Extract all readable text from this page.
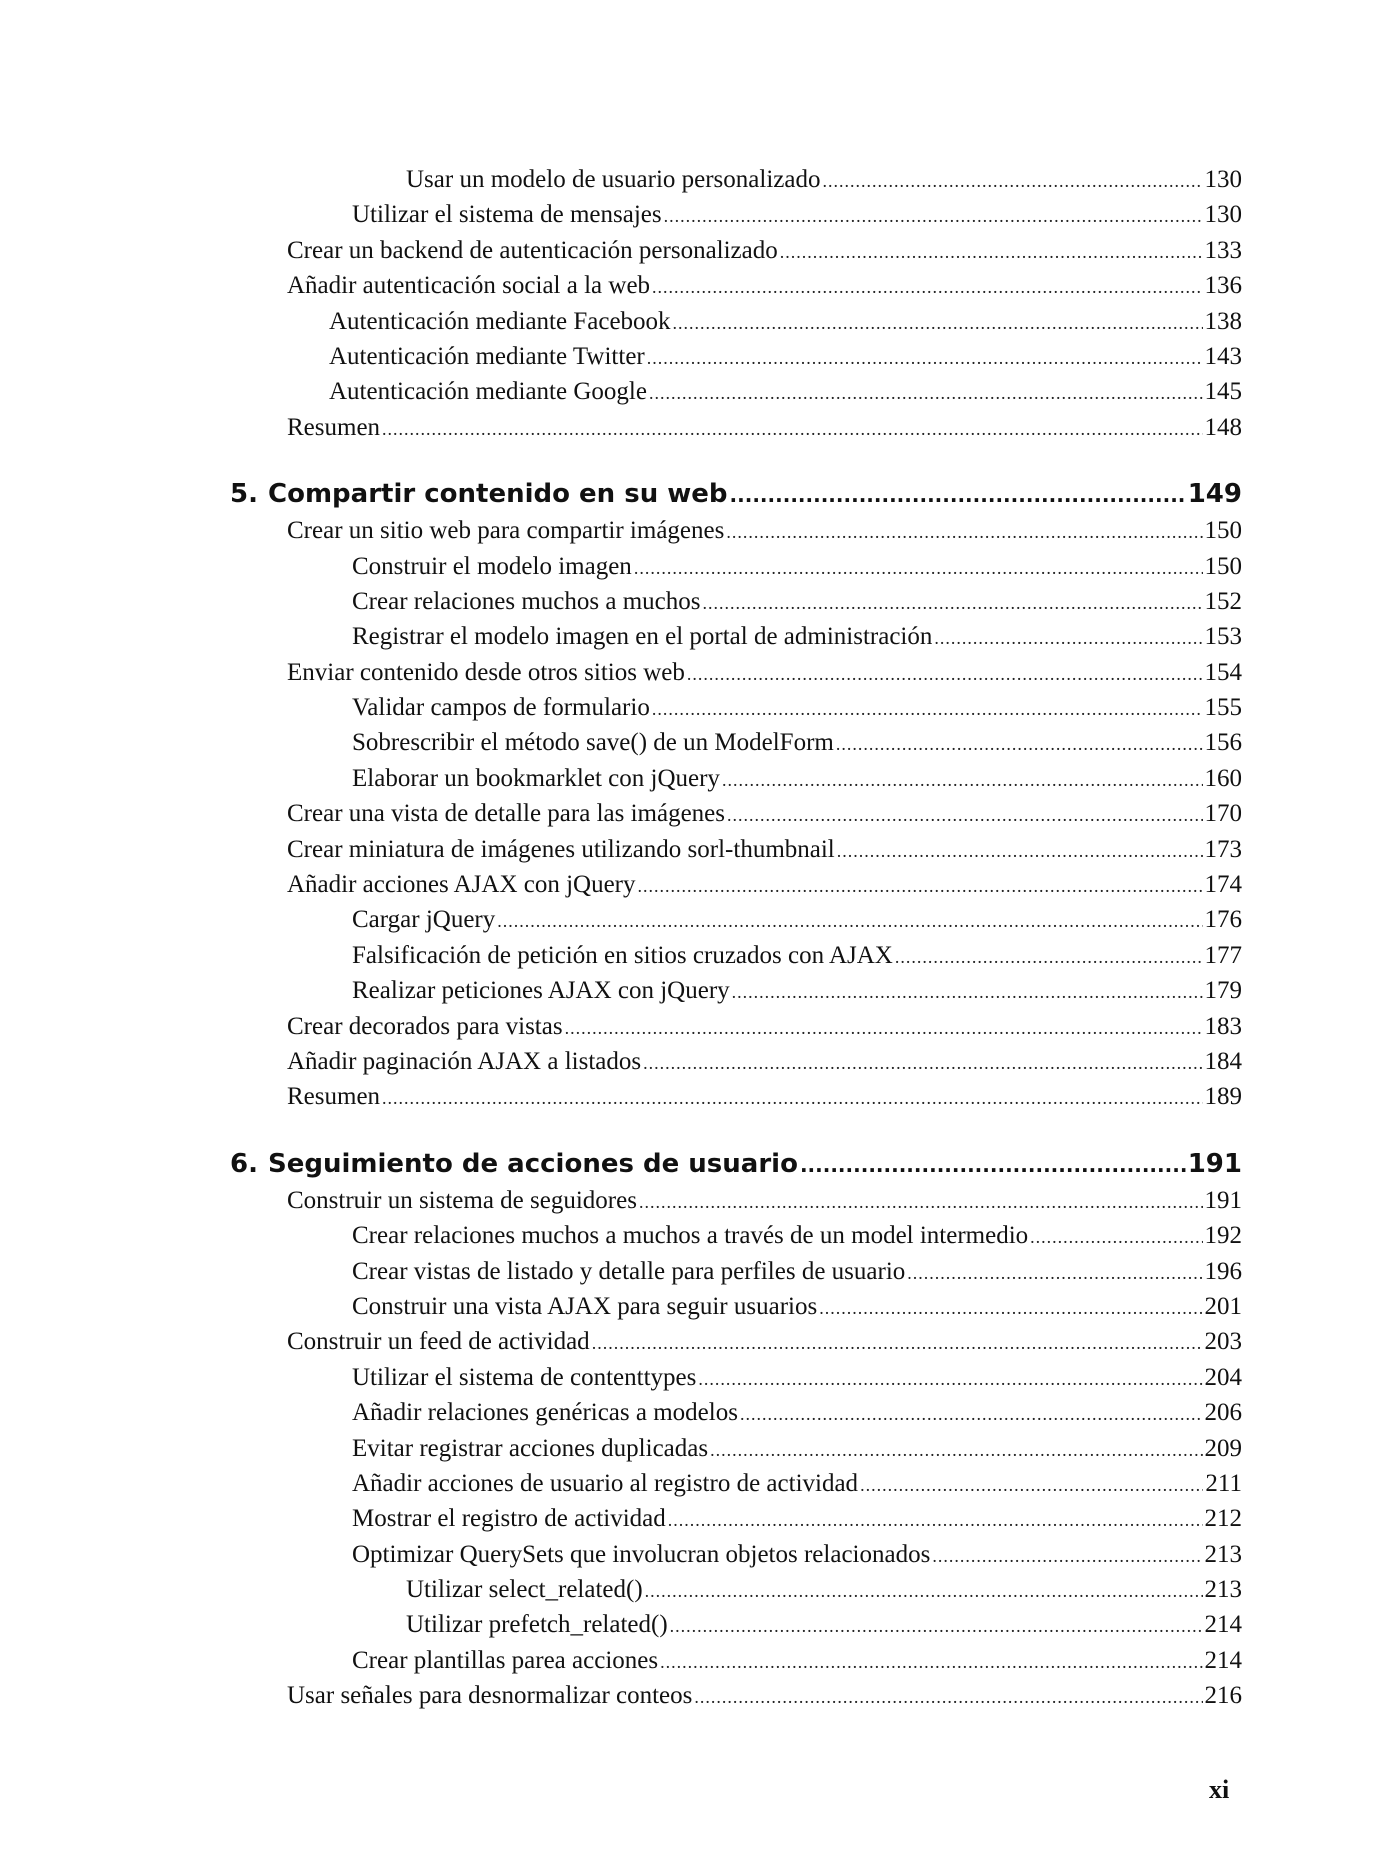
Usar un modelo de usuario personalizado .....	130
Utilizar el sistema de mensajes .....	130
Crear un backend de autenticación personalizado .....	133
Añadir autenticación social a la web .....	136
Autenticación mediante Facebook .....	138
Autenticación mediante Twitter .....	143
Autenticación mediante Google .....	145
Resumen .....	148
5. Compartir contenido en su web .....	149
Crear un sitio web para compartir imágenes .....	150
Construir el modelo imagen .....	150
Crear relaciones muchos a muchos .....	152
Registrar el modelo imagen en el portal de administración .....	153
Enviar contenido desde otros sitios web .....	154
Validar campos de formulario .....	155
Sobrescribir el método save() de un ModelForm .....	156
Elaborar un bookmarklet con jQuery .....	160
Crear una vista de detalle para las imágenes .....	170
Crear miniatura de imágenes utilizando sorl-thumbnail .....	173
Añadir acciones AJAX con jQuery .....	174
Cargar jQuery .....	176
Falsificación de petición en sitios cruzados con AJAX .....	177
Realizar peticiones AJAX con jQuery .....	179
Crear decorados para vistas .....	183
Añadir paginación AJAX a listados .....	184
Resumen .....	189
6. Seguimiento de acciones de usuario .....	191
Construir un sistema de seguidores .....	191
Crear relaciones muchos a muchos a través de un model intermedio .....	192
Crear vistas de listado y detalle para perfiles de usuario .....	196
Construir una vista AJAX para seguir usuarios .....	201
Construir un feed de actividad .....	203
Utilizar el sistema de contenttypes .....	204
Añadir relaciones genéricas a modelos .....	206
Evitar registrar acciones duplicadas .....	209
Añadir acciones de usuario al registro de actividad .....	211
Mostrar el registro de actividad .....	212
Optimizar QuerySets que involucran objetos relacionados .....	213
Utilizar select_related() .....	213
Utilizar prefetch_related() .....	214
Crear plantillas parea acciones .....	214
Usar señales para desnormalizar conteos .....	216
xi
